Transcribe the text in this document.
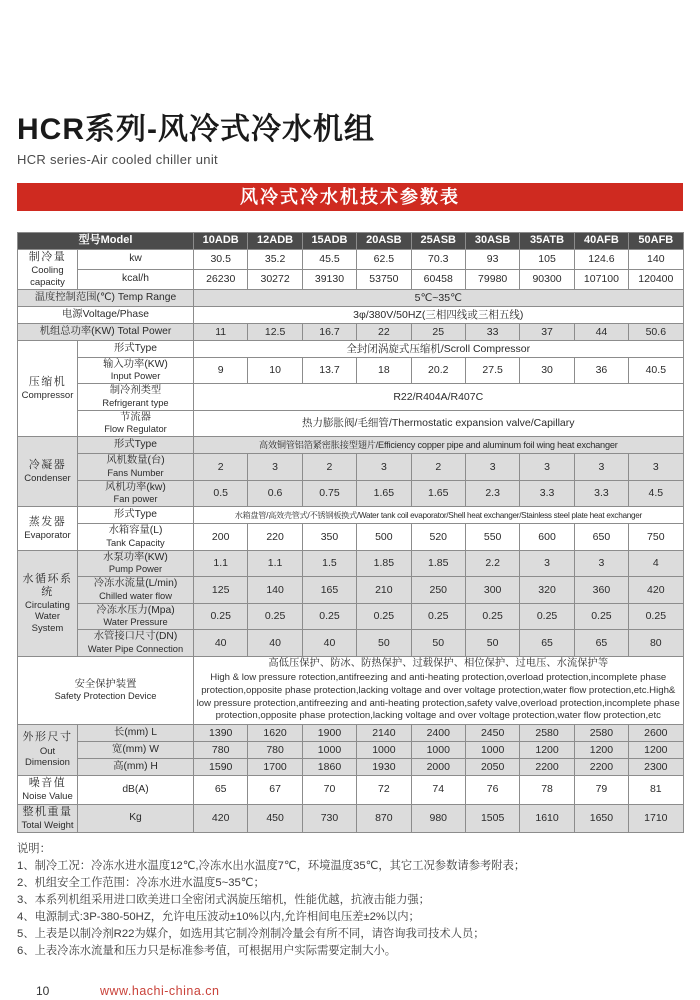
HCR系列-风冷式冷水机组
HCR series-Air cooled chiller unit
风冷式冷水机技术参数表
型号Model		10ADB	12ADB	15ADB	20ASB	25ASB	30ASB	35ATB	40AFB	50AFB

制冷量
Cooling capacity	kw	30.5	35.2	45.5	62.5	70.3	93	105	124.6	140

	kcal/h	26230	30272	39130	53750	60458	79980	90300	107100	120400

温度控制范围(℃) Temp Range		5℃~35℃								

电源Voltage/Phase		3φ/380V/50HZ(三相四线或三相五线)								

机组总功率(KW) Total Power		11	12.5	16.7	22	25	33	37	44	50.6

压缩机
Compressor	形式Type	全封闭涡旋式压缩机/Scroll Compressor								

	输入功率(KW)
Input Power	9	10	13.7	18	20.2	27.5	30	36	40.5

	制冷剂类型
Refrigerant type	R22/R404A/R407C								

	节流器
Flow Regulator	热力膨胀阀/毛细管/Thermostatic expansion valve/Capillary								

冷凝器
Condenser	形式Type	高效铜管铝箔紧密胀接型翅片/Efficiency copper pipe and aluminum foil wing heat exchanger								

	风机数量(台)
Fans Number	2	3	2	3	2	3	3	3	3

	风机功率(kw)
Fan power	0.5	0.6	0.75	1.65	1.65	2.3	3.3	3.3	4.5

蒸发器
Evaporator	形式Type	水箱盘管/高效壳管式/不锈钢板换式/Water tank coil evaporator/Shell heat exchanger/Stainless steel plate heat exchanger								

	水箱容量(L)
Tank Capacity	200	220	350	500	520	550	600	650	750

水循环系统
Circulating Water System

水泵功率(KW)
Pump Power	1.1	1.1	1.5	1.85	1.85	2.2	3	3	4

	冷冻水流量(L/min)
Chilled water flow	125	140	165	210	250	300	320	360	420

	冷冻水压力(Mpa)
Water Pressure	0.25	0.25	0.25	0.25	0.25	0.25	0.25	0.25	0.25

	水管接口尺寸(DN)
Water Pipe Connection	40	40	40	50	50	50	65	65	80

安全保护装置
Safety Protection Device

高低压保护、防冰、防热保护、过载保护、相位保护、过电压、水流保护等
High & low pressure rotection,antifreezing and anti-heating protection,overload protection,incomplete phase protection,opposite phase protection,lacking voltage and over voltage protection,water flow protection,etc.High& low pressure protection,antifreezing and anti-heating protection,safety valve,overload protection,incomplete phase protection,opposite phase protection,lacking voltage and over voltage protection,water flow protection,etc

外形尺寸
Out Dimension	长(mm) L	1390	1620	1900	2140	2400	2450	2580	2580	2600

	宽(mm) W	780	780	1000	1000	1000	1000	1200	1200	1200

	高(mm) H	1590	1700	1860	1930	2000	2050	2200	2200	2300

噪音值
Noise Value	dB(A)	65	67	70	72	74	76	78	79	81

整机重量
Total Weight	Kg	420	450	730	870	980	1505	1610	1650	1710
说明：
1、制冷工况：冷冻水进水温度12℃,冷冻水出水温度7℃，环境温度35℃，其它工况参数请参考附表；
2、机组安全工作范围：冷冻水进水温度5~35℃；
3、本系列机组采用进口欧美进口全密闭式涡旋压缩机，性能优越，抗液击能力强；
4、电源制式:3P-380-50HZ，允许电压波动±10%以内,允许相间电压差±2%以内；
5、上表是以制冷剂R22为媒介，如选用其它制冷剂制冷量会有所不同，请咨询我司技术人员；
6、上表冷冻水流量和压力只是标准参考值，可根据用户实际需要定制大小。
10	www.hachi-china.cn
